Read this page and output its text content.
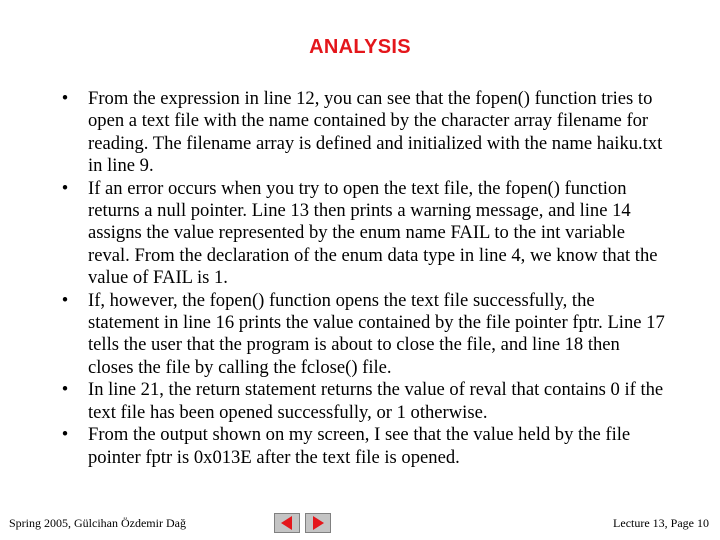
ANALYSIS
• From the expression in line 12, you can see that the fopen() function tries to open a text file with the name contained by the character array filename for reading. The filename array is defined and initialized with the name haiku.txt in line 9.
• If an error occurs when you try to open the text file, the fopen() function returns a null pointer. Line 13 then prints a warning message, and line 14 assigns the value represented by the enum name FAIL to the int variable reval. From the declaration of the enum data type in line 4, we know that the value of FAIL is 1.
• If, however, the fopen() function opens the text file successfully, the statement in line 16 prints the value contained by the file pointer fptr. Line 17 tells the user that the program is about to close the file, and line 18 then closes the file by calling the fclose() file.
• In line 21, the return statement returns the value of reval that contains 0 if the text file has been opened successfully, or 1 otherwise.
• From the output shown on my screen, I see that the value held by the file pointer fptr is 0x013E after the text file is opened.
Spring 2005, Gülcihan Özdemir Dağ	Lecture 13, Page 10
